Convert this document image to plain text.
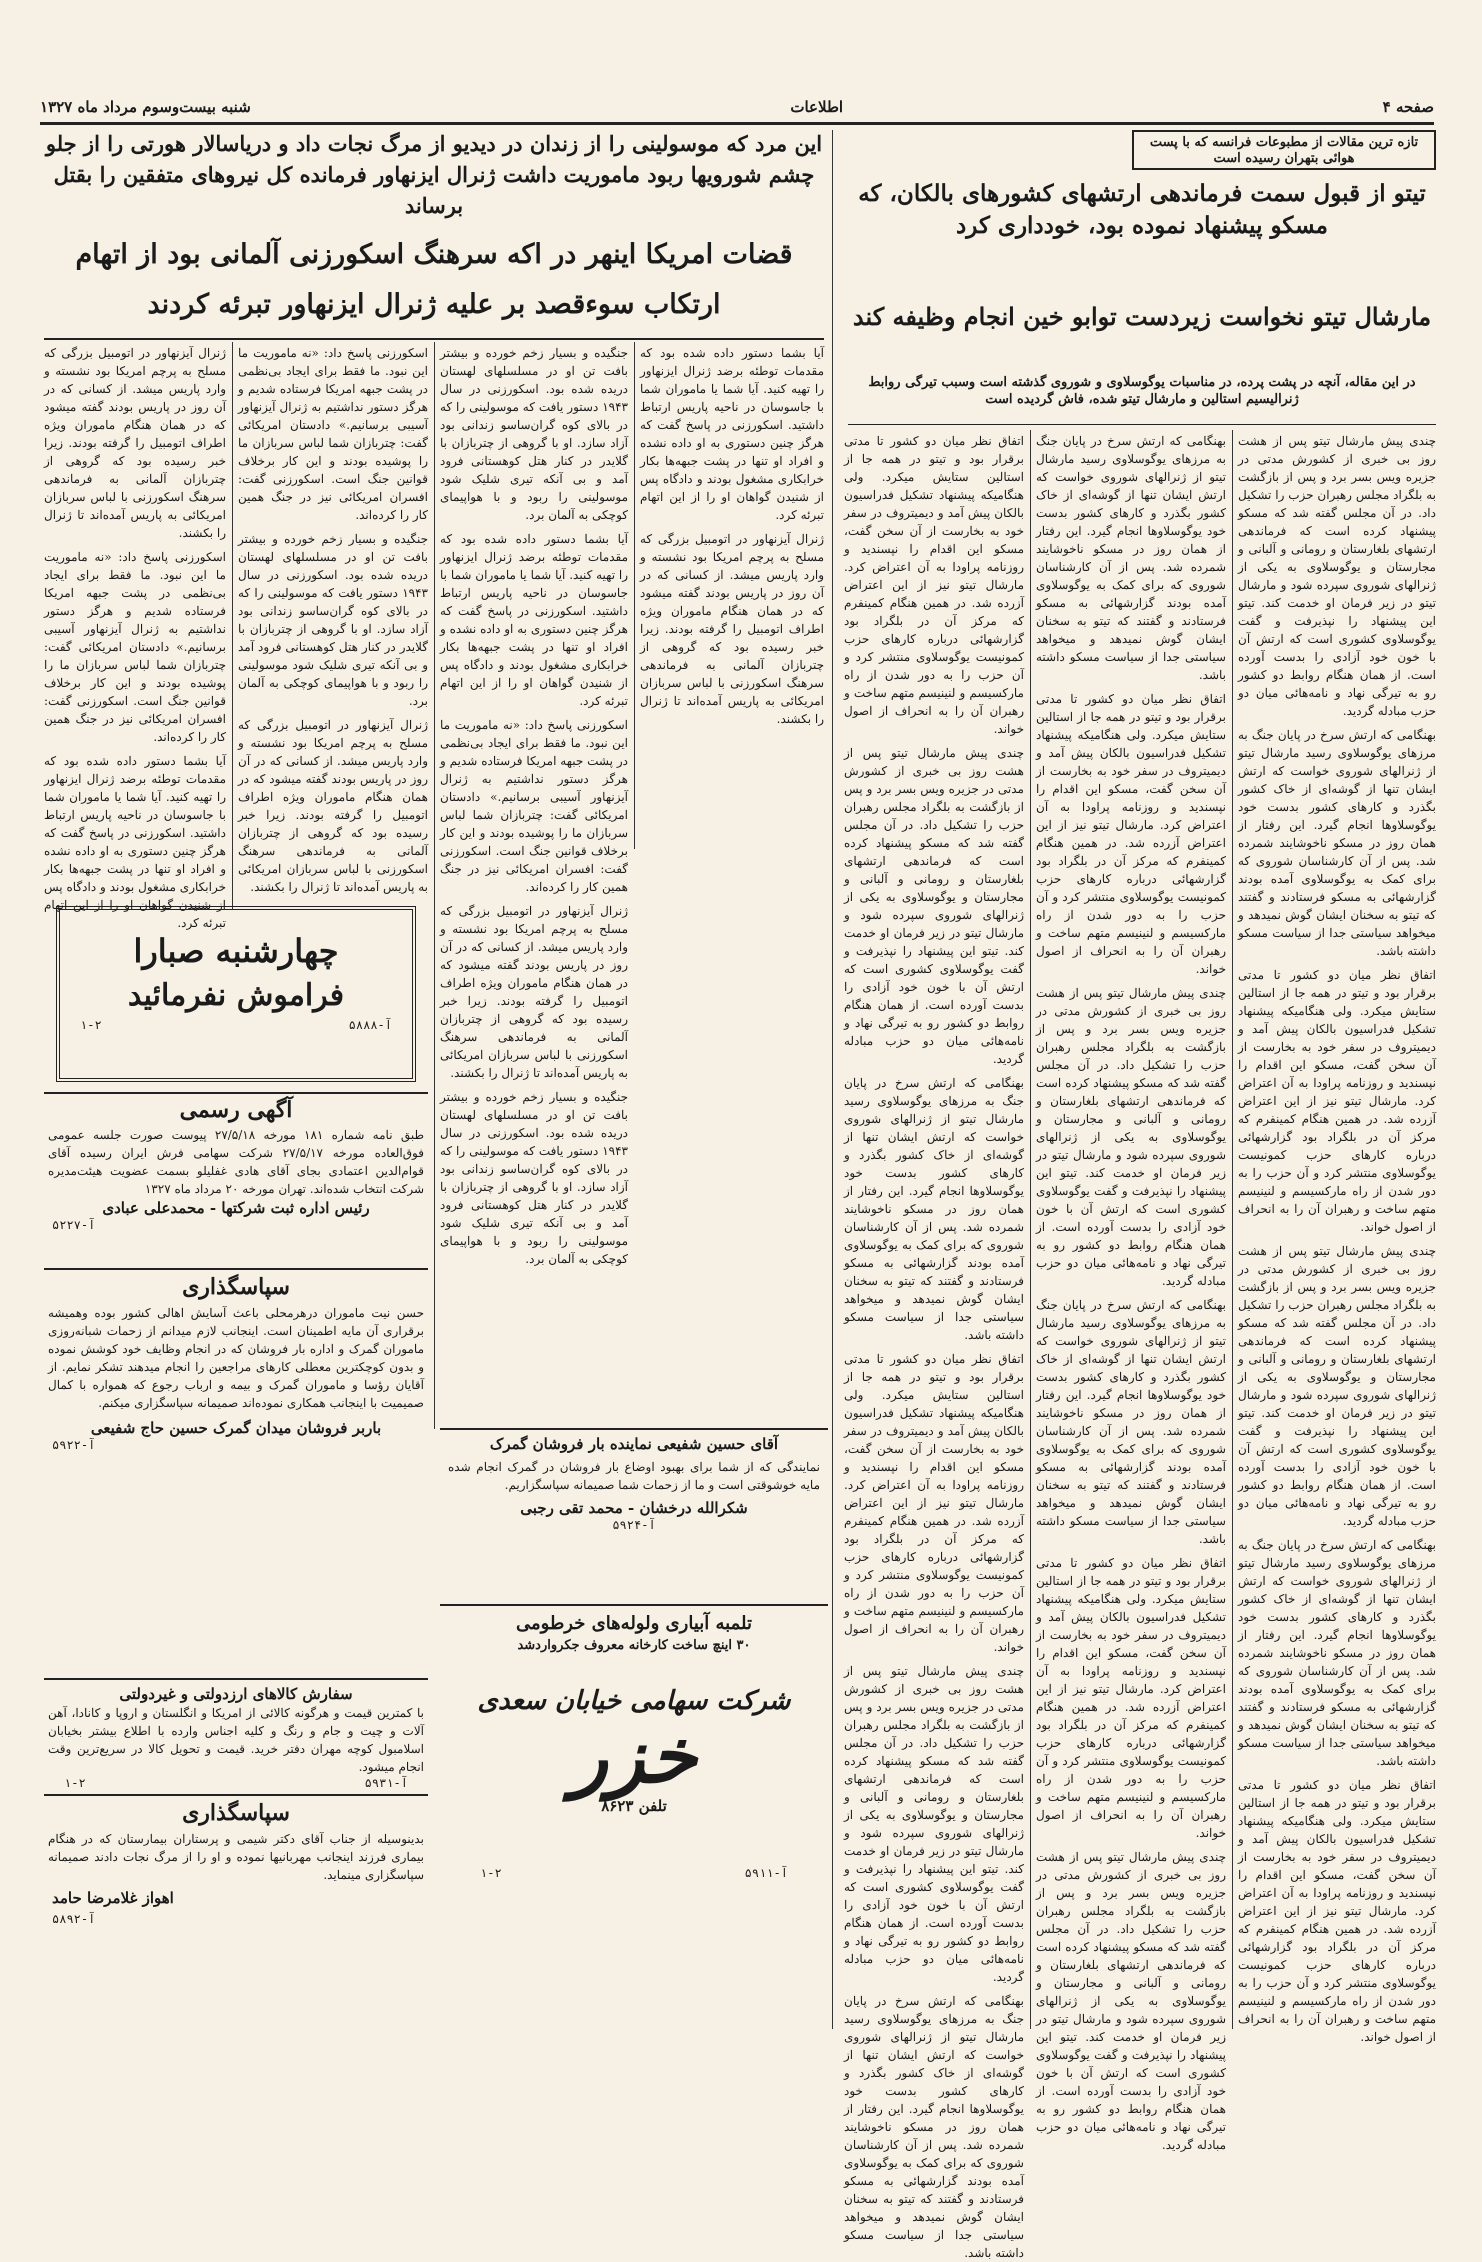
صفحه ۴
اطلاعات
شنبه بیست‌وسوم مرداد ماه ۱۳۲۷

تازه ترین مقالات از مطبوعات فرانسه که با پست هوائی بتهران رسیده است

تیتو از قبول سمت فرماندهی ارتشهای کشورهای بالکان، که مسکو پیشنهاد نموده بود، خودداری کرد

مارشال تیتو نخواست زیردست توابو خین انجام وظیفه کند

در این مقاله، آنچه در پشت پرده، در مناسبات یوگوسلاوی و شوروی گذشته است وسبب تیرگی روابط ژنرالیسیم استالین و مارشال تیتو شده، فاش گردیده است

چندی پیش مارشال تیتو پس از هشت روز بی خبری از کشورش مدتی در جزیره ویس بسر برد و پس از بازگشت به بلگراد مجلس رهبران حزب را تشکیل داد. در آن مجلس گفته شد که مسکو پیشنهاد کرده است که فرماندهی ارتشهای بلغارستان و رومانی و آلبانی و مجارستان و یوگوسلاوی به یکی از ژنرالهای شوروی سپرده شود و مارشال تیتو در زیر فرمان او خدمت کند. تیتو این پیشنهاد را نپذیرفت و گفت یوگوسلاوی کشوری است که ارتش آن با خون خود آزادی را بدست آورده است. از همان هنگام روابط دو کشور رو به تیرگی نهاد و نامه‌هائی میان دو حزب مبادله گردید.

بهنگامی که ارتش سرخ در پایان جنگ به مرزهای یوگوسلاوی رسید مارشال تیتو از ژنرالهای شوروی خواست که ارتش ایشان تنها از گوشه‌ای از خاک کشور بگذرد و کارهای کشور بدست خود یوگوسلاوها انجام گیرد. این رفتار از همان روز در مسکو ناخوشایند شمرده شد. پس از آن کارشناسان شوروی که برای کمک به یوگوسلاوی آمده بودند گزارشهائی به مسکو فرستادند و گفتند که تیتو به سخنان ایشان گوش نمیدهد و میخواهد سیاستی جدا از سیاست مسکو داشته باشد.

اتفاق نظر میان دو کشور تا مدتی برقرار بود و تیتو در همه جا از استالین ستایش میکرد. ولی هنگامیکه پیشنهاد تشکیل فدراسیون بالکان پیش آمد و دیمیتروف در سفر خود به بخارست از آن سخن گفت، مسکو این اقدام را نپسندید و روزنامه پراودا به آن اعتراض کرد. مارشال تیتو نیز از این اعتراض آزرده شد. در همین هنگام کمینفرم که مرکز آن در بلگراد بود گزارشهائی درباره کارهای حزب کمونیست یوگوسلاوی منتشر کرد و آن حزب را به دور شدن از راه مارکسیسم و لنینیسم متهم ساخت و رهبران آن را به انحراف از اصول خواند.

چندی پیش مارشال تیتو پس از هشت روز بی خبری از کشورش مدتی در جزیره ویس بسر برد و پس از بازگشت به بلگراد مجلس رهبران حزب را تشکیل داد. در آن مجلس گفته شد که مسکو پیشنهاد کرده است که فرماندهی ارتشهای بلغارستان و رومانی و آلبانی و مجارستان و یوگوسلاوی به یکی از ژنرالهای شوروی سپرده شود و مارشال تیتو در زیر فرمان او خدمت کند. تیتو این پیشنهاد را نپذیرفت و گفت یوگوسلاوی کشوری است که ارتش آن با خون خود آزادی را بدست آورده است. از همان هنگام روابط دو کشور رو به تیرگی نهاد و نامه‌هائی میان دو حزب مبادله گردید.

بهنگامی که ارتش سرخ در پایان جنگ به مرزهای یوگوسلاوی رسید مارشال تیتو از ژنرالهای شوروی خواست که ارتش ایشان تنها از گوشه‌ای از خاک کشور بگذرد و کارهای کشور بدست خود یوگوسلاوها انجام گیرد. این رفتار از همان روز در مسکو ناخوشایند شمرده شد. پس از آن کارشناسان شوروی که برای کمک به یوگوسلاوی آمده بودند گزارشهائی به مسکو فرستادند و گفتند که تیتو به سخنان ایشان گوش نمیدهد و میخواهد سیاستی جدا از سیاست مسکو داشته باشد.

اتفاق نظر میان دو کشور تا مدتی برقرار بود و تیتو در همه جا از استالین ستایش میکرد. ولی هنگامیکه پیشنهاد تشکیل فدراسیون بالکان پیش آمد و دیمیتروف در سفر خود به بخارست از آن سخن گفت، مسکو این اقدام را نپسندید و روزنامه پراودا به آن اعتراض کرد. مارشال تیتو نیز از این اعتراض آزرده شد. در همین هنگام کمینفرم که مرکز آن در بلگراد بود گزارشهائی درباره کارهای حزب کمونیست یوگوسلاوی منتشر کرد و آن حزب را به دور شدن از راه مارکسیسم و لنینیسم متهم ساخت و رهبران آن را به انحراف از اصول خواند.

بهنگامی که ارتش سرخ در پایان جنگ به مرزهای یوگوسلاوی رسید مارشال تیتو از ژنرالهای شوروی خواست که ارتش ایشان تنها از گوشه‌ای از خاک کشور بگذرد و کارهای کشور بدست خود یوگوسلاوها انجام گیرد. این رفتار از همان روز در مسکو ناخوشایند شمرده شد. پس از آن کارشناسان شوروی که برای کمک به یوگوسلاوی آمده بودند گزارشهائی به مسکو فرستادند و گفتند که تیتو به سخنان ایشان گوش نمیدهد و میخواهد سیاستی جدا از سیاست مسکو داشته باشد.

اتفاق نظر میان دو کشور تا مدتی برقرار بود و تیتو در همه جا از استالین ستایش میکرد. ولی هنگامیکه پیشنهاد تشکیل فدراسیون بالکان پیش آمد و دیمیتروف در سفر خود به بخارست از آن سخن گفت، مسکو این اقدام را نپسندید و روزنامه پراودا به آن اعتراض کرد. مارشال تیتو نیز از این اعتراض آزرده شد. در همین هنگام کمینفرم که مرکز آن در بلگراد بود گزارشهائی درباره کارهای حزب کمونیست یوگوسلاوی منتشر کرد و آن حزب را به دور شدن از راه مارکسیسم و لنینیسم متهم ساخت و رهبران آن را به انحراف از اصول خواند.

چندی پیش مارشال تیتو پس از هشت روز بی خبری از کشورش مدتی در جزیره ویس بسر برد و پس از بازگشت به بلگراد مجلس رهبران حزب را تشکیل داد. در آن مجلس گفته شد که مسکو پیشنهاد کرده است که فرماندهی ارتشهای بلغارستان و رومانی و آلبانی و مجارستان و یوگوسلاوی به یکی از ژنرالهای شوروی سپرده شود و مارشال تیتو در زیر فرمان او خدمت کند. تیتو این پیشنهاد را نپذیرفت و گفت یوگوسلاوی کشوری است که ارتش آن با خون خود آزادی را بدست آورده است. از همان هنگام روابط دو کشور رو به تیرگی نهاد و نامه‌هائی میان دو حزب مبادله گردید.

بهنگامی که ارتش سرخ در پایان جنگ به مرزهای یوگوسلاوی رسید مارشال تیتو از ژنرالهای شوروی خواست که ارتش ایشان تنها از گوشه‌ای از خاک کشور بگذرد و کارهای کشور بدست خود یوگوسلاوها انجام گیرد. این رفتار از همان روز در مسکو ناخوشایند شمرده شد. پس از آن کارشناسان شوروی که برای کمک به یوگوسلاوی آمده بودند گزارشهائی به مسکو فرستادند و گفتند که تیتو به سخنان ایشان گوش نمیدهد و میخواهد سیاستی جدا از سیاست مسکو داشته باشد.

اتفاق نظر میان دو کشور تا مدتی برقرار بود و تیتو در همه جا از استالین ستایش میکرد. ولی هنگامیکه پیشنهاد تشکیل فدراسیون بالکان پیش آمد و دیمیتروف در سفر خود به بخارست از آن سخن گفت، مسکو این اقدام را نپسندید و روزنامه پراودا به آن اعتراض کرد. مارشال تیتو نیز از این اعتراض آزرده شد. در همین هنگام کمینفرم که مرکز آن در بلگراد بود گزارشهائی درباره کارهای حزب کمونیست یوگوسلاوی منتشر کرد و آن حزب را به دور شدن از راه مارکسیسم و لنینیسم متهم ساخت و رهبران آن را به انحراف از اصول خواند.

چندی پیش مارشال تیتو پس از هشت روز بی خبری از کشورش مدتی در جزیره ویس بسر برد و پس از بازگشت به بلگراد مجلس رهبران حزب را تشکیل داد. در آن مجلس گفته شد که مسکو پیشنهاد کرده است که فرماندهی ارتشهای بلغارستان و رومانی و آلبانی و مجارستان و یوگوسلاوی به یکی از ژنرالهای شوروی سپرده شود و مارشال تیتو در زیر فرمان او خدمت کند. تیتو این پیشنهاد را نپذیرفت و گفت یوگوسلاوی کشوری است که ارتش آن با خون خود آزادی را بدست آورده است. از همان هنگام روابط دو کشور رو به تیرگی نهاد و نامه‌هائی میان دو حزب مبادله گردید.

اتفاق نظر میان دو کشور تا مدتی برقرار بود و تیتو در همه جا از استالین ستایش میکرد. ولی هنگامیکه پیشنهاد تشکیل فدراسیون بالکان پیش آمد و دیمیتروف در سفر خود به بخارست از آن سخن گفت، مسکو این اقدام را نپسندید و روزنامه پراودا به آن اعتراض کرد. مارشال تیتو نیز از این اعتراض آزرده شد. در همین هنگام کمینفرم که مرکز آن در بلگراد بود گزارشهائی درباره کارهای حزب کمونیست یوگوسلاوی منتشر کرد و آن حزب را به دور شدن از راه مارکسیسم و لنینیسم متهم ساخت و رهبران آن را به انحراف از اصول خواند.

چندی پیش مارشال تیتو پس از هشت روز بی خبری از کشورش مدتی در جزیره ویس بسر برد و پس از بازگشت به بلگراد مجلس رهبران حزب را تشکیل داد. در آن مجلس گفته شد که مسکو پیشنهاد کرده است که فرماندهی ارتشهای بلغارستان و رومانی و آلبانی و مجارستان و یوگوسلاوی به یکی از ژنرالهای شوروی سپرده شود و مارشال تیتو در زیر فرمان او خدمت کند. تیتو این پیشنهاد را نپذیرفت و گفت یوگوسلاوی کشوری است که ارتش آن با خون خود آزادی را بدست آورده است. از همان هنگام روابط دو کشور رو به تیرگی نهاد و نامه‌هائی میان دو حزب مبادله گردید.

بهنگامی که ارتش سرخ در پایان جنگ به مرزهای یوگوسلاوی رسید مارشال تیتو از ژنرالهای شوروی خواست که ارتش ایشان تنها از گوشه‌ای از خاک کشور بگذرد و کارهای کشور بدست خود یوگوسلاوها انجام گیرد. این رفتار از همان روز در مسکو ناخوشایند شمرده شد. پس از آن کارشناسان شوروی که برای کمک به یوگوسلاوی آمده بودند گزارشهائی به مسکو فرستادند و گفتند که تیتو به سخنان ایشان گوش نمیدهد و میخواهد سیاستی جدا از سیاست مسکو داشته باشد.

اتفاق نظر میان دو کشور تا مدتی برقرار بود و تیتو در همه جا از استالین ستایش میکرد. ولی هنگامیکه پیشنهاد تشکیل فدراسیون بالکان پیش آمد و دیمیتروف در سفر خود به بخارست از آن سخن گفت، مسکو این اقدام را نپسندید و روزنامه پراودا به آن اعتراض کرد. مارشال تیتو نیز از این اعتراض آزرده شد. در همین هنگام کمینفرم که مرکز آن در بلگراد بود گزارشهائی درباره کارهای حزب کمونیست یوگوسلاوی منتشر کرد و آن حزب را به دور شدن از راه مارکسیسم و لنینیسم متهم ساخت و رهبران آن را به انحراف از اصول خواند.

چندی پیش مارشال تیتو پس از هشت روز بی خبری از کشورش مدتی در جزیره ویس بسر برد و پس از بازگشت به بلگراد مجلس رهبران حزب را تشکیل داد. در آن مجلس گفته شد که مسکو پیشنهاد کرده است که فرماندهی ارتشهای بلغارستان و رومانی و آلبانی و مجارستان و یوگوسلاوی به یکی از ژنرالهای شوروی سپرده شود و مارشال تیتو در زیر فرمان او خدمت کند. تیتو این پیشنهاد را نپذیرفت و گفت یوگوسلاوی کشوری است که ارتش آن با خون خود آزادی را بدست آورده است. از همان هنگام روابط دو کشور رو به تیرگی نهاد و نامه‌هائی میان دو حزب مبادله گردید.

بهنگامی که ارتش سرخ در پایان جنگ به مرزهای یوگوسلاوی رسید مارشال تیتو از ژنرالهای شوروی خواست که ارتش ایشان تنها از گوشه‌ای از خاک کشور بگذرد و کارهای کشور بدست خود یوگوسلاوها انجام گیرد. این رفتار از همان روز در مسکو ناخوشایند شمرده شد. پس از آن کارشناسان شوروی که برای کمک به یوگوسلاوی آمده بودند گزارشهائی به مسکو فرستادند و گفتند که تیتو به سخنان ایشان گوش نمیدهد و میخواهد سیاستی جدا از سیاست مسکو داشته باشد.

این مرد که موسولینی را از زندان در دیدیو از مرگ نجات داد و دریاسالار هورتی را از جلو چشم شورویها ربود ماموریت داشت ژنرال ایزنهاور فرمانده کل نیروهای متفقین را بقتل برساند

قضات امریکا اینهر در اکه سرهنگ اسکورزنی آلمانی بود از اتهام ارتکاب سوءقصد بر علیه ژنرال ایزنهاور تبرئه کردند

آیا بشما دستور داده شده بود که مقدمات توطئه برضد ژنرال ایزنهاور را تهیه کنید. آیا شما یا ماموران شما با جاسوسان در ناحیه پاریس ارتباط داشتید. اسکورزنی در پاسخ گفت که هرگز چنین دستوری به او داده نشده و افراد او تنها در پشت جبهه‌ها بکار خرابکاری مشغول بودند و دادگاه پس از شنیدن گواهان او را از این اتهام تبرئه کرد.

ژنرال آیزنهاور در اتومبیل بزرگی که مسلح به پرچم امریکا بود نشسته و وارد پاریس میشد. از کسانی که در آن روز در پاریس بودند گفته میشود که در همان هنگام ماموران ویژه اطراف اتومبیل را گرفته بودند. زیرا خبر رسیده بود که گروهی از چتربازان آلمانی به فرماندهی سرهنگ اسکورزنی با لباس سربازان امریکائی به پاریس آمده‌اند تا ژنرال را بکشند.

جنگیده و بسیار زخم خورده و بیشتر بافت تن او در مسلسلهای لهستان دریده شده بود. اسکورزنی در سال ۱۹۴۳ دستور یافت که موسولینی را که در بالای کوه گران‌ساسو زندانی بود آزاد سازد. او با گروهی از چتربازان با گلایدر در کنار هتل کوهستانی فرود آمد و بی آنکه تیری شلیک شود موسولینی را ربود و با هواپیمای کوچکی به آلمان برد.

آیا بشما دستور داده شده بود که مقدمات توطئه برضد ژنرال ایزنهاور را تهیه کنید. آیا شما یا ماموران شما با جاسوسان در ناحیه پاریس ارتباط داشتید. اسکورزنی در پاسخ گفت که هرگز چنین دستوری به او داده نشده و افراد او تنها در پشت جبهه‌ها بکار خرابکاری مشغول بودند و دادگاه پس از شنیدن گواهان او را از این اتهام تبرئه کرد.

اسکورزنی پاسخ داد: «نه ماموریت ما این نبود. ما فقط برای ایجاد بی‌نظمی در پشت جبهه امریکا فرستاده شدیم و هرگز دستور نداشتیم به ژنرال آیزنهاور آسیبی برسانیم.» دادستان امریکائی گفت: چتربازان شما لباس سربازان ما را پوشیده بودند و این کار برخلاف قوانین جنگ است. اسکورزنی گفت: افسران امریکائی نیز در جنگ همین کار را کرده‌اند.

ژنرال آیزنهاور در اتومبیل بزرگی که مسلح به پرچم امریکا بود نشسته و وارد پاریس میشد. از کسانی که در آن روز در پاریس بودند گفته میشود که در همان هنگام ماموران ویژه اطراف اتومبیل را گرفته بودند. زیرا خبر رسیده بود که گروهی از چتربازان آلمانی به فرماندهی سرهنگ اسکورزنی با لباس سربازان امریکائی به پاریس آمده‌اند تا ژنرال را بکشند.

جنگیده و بسیار زخم خورده و بیشتر بافت تن او در مسلسلهای لهستان دریده شده بود. اسکورزنی در سال ۱۹۴۳ دستور یافت که موسولینی را که در بالای کوه گران‌ساسو زندانی بود آزاد سازد. او با گروهی از چتربازان با گلایدر در کنار هتل کوهستانی فرود آمد و بی آنکه تیری شلیک شود موسولینی را ربود و با هواپیمای کوچکی به آلمان برد.

اسکورزنی پاسخ داد: «نه ماموریت ما این نبود. ما فقط برای ایجاد بی‌نظمی در پشت جبهه امریکا فرستاده شدیم و هرگز دستور نداشتیم به ژنرال آیزنهاور آسیبی برسانیم.» دادستان امریکائی گفت: چتربازان شما لباس سربازان ما را پوشیده بودند و این کار برخلاف قوانین جنگ است. اسکورزنی گفت: افسران امریکائی نیز در جنگ همین کار را کرده‌اند.

جنگیده و بسیار زخم خورده و بیشتر بافت تن او در مسلسلهای لهستان دریده شده بود. اسکورزنی در سال ۱۹۴۳ دستور یافت که موسولینی را که در بالای کوه گران‌ساسو زندانی بود آزاد سازد. او با گروهی از چتربازان با گلایدر در کنار هتل کوهستانی فرود آمد و بی آنکه تیری شلیک شود موسولینی را ربود و با هواپیمای کوچکی به آلمان برد.

ژنرال آیزنهاور در اتومبیل بزرگی که مسلح به پرچم امریکا بود نشسته و وارد پاریس میشد. از کسانی که در آن روز در پاریس بودند گفته میشود که در همان هنگام ماموران ویژه اطراف اتومبیل را گرفته بودند. زیرا خبر رسیده بود که گروهی از چتربازان آلمانی به فرماندهی سرهنگ اسکورزنی با لباس سربازان امریکائی به پاریس آمده‌اند تا ژنرال را بکشند.

ژنرال آیزنهاور در اتومبیل بزرگی که مسلح به پرچم امریکا بود نشسته و وارد پاریس میشد. از کسانی که در آن روز در پاریس بودند گفته میشود که در همان هنگام ماموران ویژه اطراف اتومبیل را گرفته بودند. زیرا خبر رسیده بود که گروهی از چتربازان آلمانی به فرماندهی سرهنگ اسکورزنی با لباس سربازان امریکائی به پاریس آمده‌اند تا ژنرال را بکشند.

اسکورزنی پاسخ داد: «نه ماموریت ما این نبود. ما فقط برای ایجاد بی‌نظمی در پشت جبهه امریکا فرستاده شدیم و هرگز دستور نداشتیم به ژنرال آیزنهاور آسیبی برسانیم.» دادستان امریکائی گفت: چتربازان شما لباس سربازان ما را پوشیده بودند و این کار برخلاف قوانین جنگ است. اسکورزنی گفت: افسران امریکائی نیز در جنگ همین کار را کرده‌اند.

آیا بشما دستور داده شده بود که مقدمات توطئه برضد ژنرال ایزنهاور را تهیه کنید. آیا شما یا ماموران شما با جاسوسان در ناحیه پاریس ارتباط داشتید. اسکورزنی در پاسخ گفت که هرگز چنین دستوری به او داده نشده و افراد او تنها در پشت جبهه‌ها بکار خرابکاری مشغول بودند و دادگاه پس از شنیدن گواهان او را از این اتهام تبرئه کرد.

چهارشنبه صبارا

فراموش نفرمائید

آ-۵۸۸۸
۱-۲

آقای حسین شفیعی نماینده بار فروشان گمرک

نمایندگی که از شما برای بهبود اوضاع بار فروشان در گمرک انجام شده مایه خوشوقتی است و ما از زحمات شما صمیمانه سپاسگزاریم.

شکرالله درخشان - محمد تقی رجبی

آ-۵۹۲۴

تلمبه آبیاری ولوله‌های خرطومی

۳۰ اینچ ساخت کارخانه معروف جکرواردشد

شرکت سهامی خیابان سعدی

خزر

تلفن ۸۶۲۳

آ-۵۹۱۱
۱-۲

آگهی رسمی

طبق نامه شماره ۱۸۱ مورخه ۲۷/۵/۱۸ پیوست صورت جلسه عمومی فوق‌العاده مورخه ۲۷/۵/۱۷ شرکت سهامی فرش ایران رسیده آقای قوام‌الدین اعتمادی بجای آقای هادی غفلیلو بسمت عضویت هیئت‌مدیره شرکت انتخاب شده‌اند. تهران مورخه ۲۰ مرداد ماه ۱۳۲۷

رئیس اداره ثبت شرکتها - محمدعلی عبادی

آ-۵۲۲۷

سپاسگذاری

حسن نیت ماموران درهرمحلی باعث آسایش اهالی کشور بوده وهمیشه برقراری آن مایه اطمینان است. اینجانب لازم میدانم از زحمات شبانه‌روزی ماموران گمرک و اداره بار فروشان که در انجام وظایف خود کوشش نموده و بدون کوچکترین معطلی کارهای مراجعین را انجام میدهند تشکر نمایم. از آقایان رؤسا و ماموران گمرک و بیمه و ارباب رجوع که همواره با کمال صمیمیت با اینجانب همکاری نموده‌اند صمیمانه سپاسگزاری میکنم.

باربر فروشان میدان گمرک حسین حاج شفیعی

آ-۵۹۲۲

سفارش کالاهای ارزدولتی و غیردولتی

با کمترین قیمت و هرگونه کالائی از امریکا و انگلستان و اروپا و کانادا، آهن آلات و چیت و جام و رنگ و کلیه اجناس وارده با اطلاع بیشتر بخیابان اسلامبول کوچه مهران دفتر خرید. قیمت و تحویل کالا در سریع‌ترین وقت انجام میشود.

آ-۵۹۳۱
۱-۲

سپاسگذاری

بدینوسیله از جناب آقای دکتر شیمی و پرستاران بیمارستان که در هنگام بیماری فرزند اینجانب مهربانیها نموده و او را از مرگ نجات دادند صمیمانه سپاسگزاری مینماید.

اهواز غلامرضا حامد

آ-۵۸۹۲
